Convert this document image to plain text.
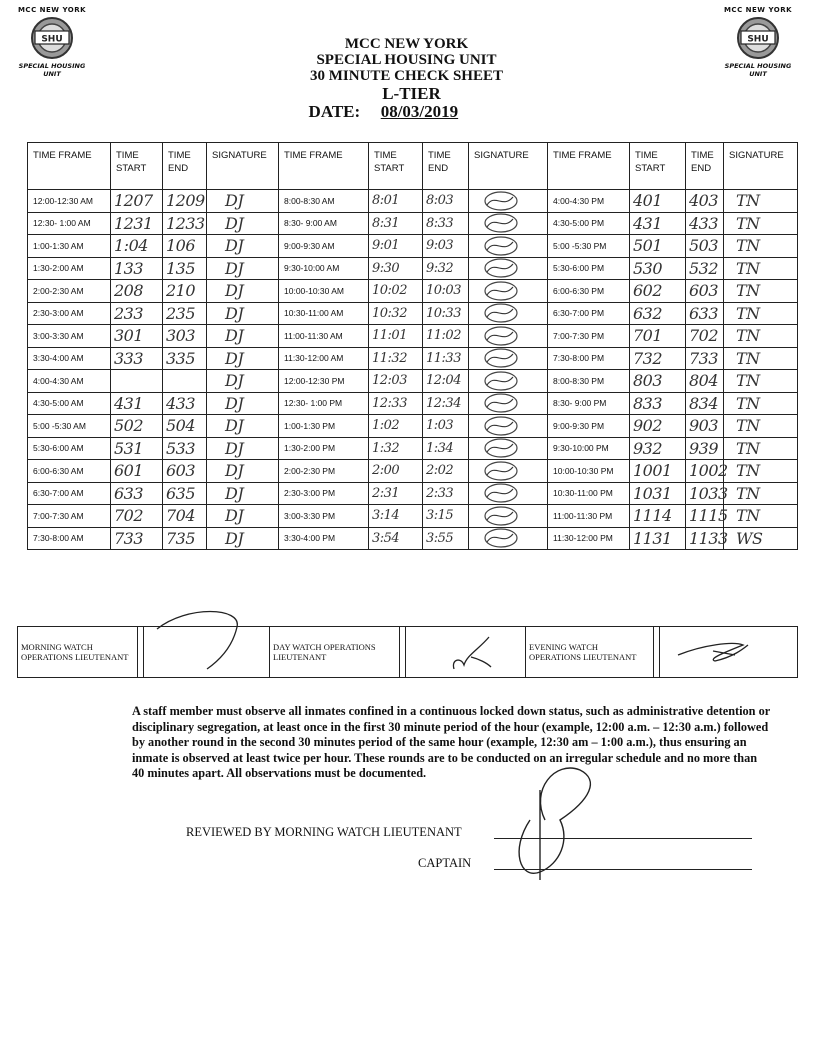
MCC NEW YORK
SHU
SPECIAL HOUSING UNIT
MCC NEW YORK
SHU
SPECIAL HOUSING UNIT
MCC NEW YORK
SPECIAL HOUSING UNIT
30 MINUTE CHECK SHEET
L-TIER
DATE: 08/03/2019
TIME FRAME	TIME START	TIME END	SIGNATURE	TIME FRAME	TIME START	TIME END	SIGNATURE	TIME FRAME	TIME START	TIME END	SIGNATURE
12:00-12:30 AM	1207	1209	DJ	8:00-8:30 AM	8:01	8:03		4:00-4:30 PM	401	403	TN
12:30- 1:00 AM	1231	1233	DJ	8:30- 9:00 AM	8:31	8:33		4:30-5:00 PM	431	433	TN
1:00-1:30 AM	1:04	106	DJ	9:00-9:30 AM	9:01	9:03		5:00 -5:30 PM	501	503	TN
1:30-2:00 AM	133	135	DJ	9:30-10:00 AM	9:30	9:32		5:30-6:00 PM	530	532	TN
2:00-2:30 AM	208	210	DJ	10:00-10:30 AM	10:02	10:03		6:00-6:30 PM	602	603	TN
2:30-3:00 AM	233	235	DJ	10:30-11:00 AM	10:32	10:33		6:30-7:00 PM	632	633	TN
3:00-3:30 AM	301	303	DJ	11:00-11:30 AM	11:01	11:02		7:00-7:30 PM	701	702	TN
3:30-4:00 AM	333	335	DJ	11:30-12:00 AM	11:32	11:33		7:30-8:00 PM	732	733	TN
4:00-4:30 AM			DJ	12:00-12:30 PM	12:03	12:04		8:00-8:30 PM	803	804	TN
4:30-5:00 AM	431	433	DJ	12:30- 1:00 PM	12:33	12:34		8:30- 9:00 PM	833	834	TN
5:00 -5:30 AM	502	504	DJ	1:00-1:30 PM	1:02	1:03		9:00-9:30 PM	902	903	TN
5:30-6:00 AM	531	533	DJ	1:30-2:00 PM	1:32	1:34		9:30-10:00 PM	932	939	TN
6:00-6:30 AM	601	603	DJ	2:00-2:30 PM	2:00	2:02		10:00-10:30 PM	1001	1002	TN
6:30-7:00 AM	633	635	DJ	2:30-3:00 PM	2:31	2:33		10:30-11:00 PM	1031	1033	TN
7:00-7:30 AM	702	704	DJ	3:00-3:30 PM	3:14	3:15		11:00-11:30 PM	1114	1115	TN
7:30-8:00 AM	733	735	DJ	3:30-4:00 PM	3:54	3:55		11:30-12:00 PM	1131	1133	WS
MORNING WATCH OPERATIONS LIEUTENANT			DAY WATCH OPERATIONS LIEUTENANT			EVENING WATCH OPERATIONS LIEUTENANT		
A staff member must observe all inmates confined in a continuous locked down status, such as administrative detention or disciplinary segregation, at least once in the first 30 minute period of the hour (example, 12:00 a.m. – 12:30 a.m.) followed by another round in the second 30 minutes period of the same hour (example, 12:30 am – 1:00 a.m.), thus ensuring an inmate is observed at least twice per hour. These rounds are to be conducted on an irregular schedule and no more than 40 minutes apart. All observations must be documented.
REVIEWED BY MORNING WATCH LIEUTENANT
CAPTAIN
